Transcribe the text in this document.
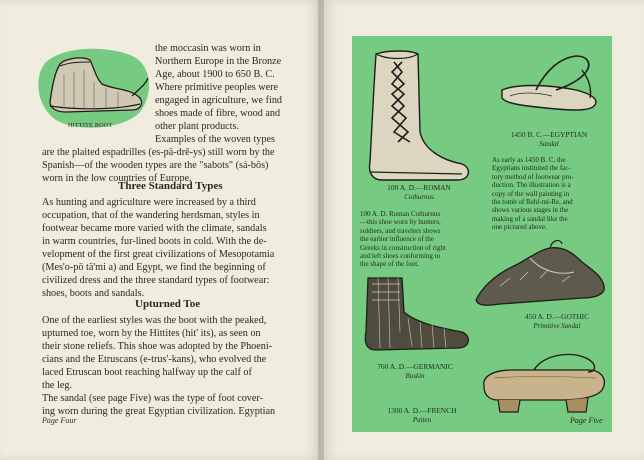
HITTITE BOOT
the moccasin was worn in
Northern Europe in the Bronze
Age, about 1900 to 650 B. C.
Where primitive peoples were
engaged in agriculture, we find
shoes made of fibre, wood and
other plant products.
Examples of the woven types
are the plaited espadrilles (es-pä-drē-ys) still worn by the
Spanish—of the wooden types are the "sabots" (sá-bōs)
worn in the low countries of Europe.
Three Standard Types
As hunting and agriculture were increased by a third
occupation, that of the wandering herdsman, styles in
footwear became more varied with the climate, sandals
in warm countries, fur-lined boots in cold. With the de-
velopment of the first great civilizations of Mesopotamia
(Mes'o-pō tä'mi a) and Egypt, we find the beginning of
civilized dress and the three standard types of footwear:
shoes, boots and sandals.
Upturned Toe
One of the earliest styles was the boot with the peaked,
upturned toe, worn by the Hittites (hit' its), as seen on
their stone reliefs. This shoe was adopted by the Phoeni-
cians and the Etruscans (e-trus'-kans), who evolved the
laced Etruscan boot reaching halfway up the calf of
the leg.
The sandal (see page Five) was the type of foot cover-
ing worn during the great Egyptian civilization. Egyptian
Page Four
100 A. D.—ROMAN
Cothurnus
1450 B. C.—EGYPTIAN
Sandal
As early as 1450 B. C. the
Egyptians instituted the fac-
tory method of footwear pro-
duction. The illustration is a
copy of the wall painting in
the tomb of Rehl-mi-Re, and
shows various stages in the
making of a sandal like the
one pictured above.
100 A. D. Roman Cothurnus
—this shoe worn by hunters,
soldiers, and travelers shows
the earlier influence of the
Greeks in construction of right
and left shoes conforming to
the shape of the foot.
450 A. D.—GOTHIC
Primitive Sandal
760 A. D.—GERMANIC
Buskin
1300 A. D.—FRENCH
Patten	Page Five
